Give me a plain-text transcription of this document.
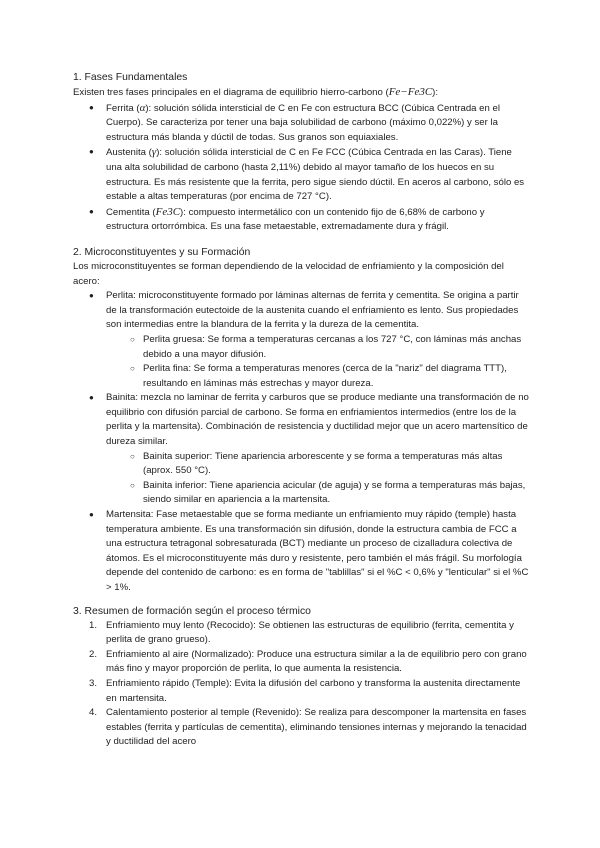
1. Fases Fundamentales

Existen tres fases principales en el diagrama de equilibrio hierro-carbono (Fe−Fe3C):

● Ferrita (α): solución sólida intersticial de C en Fe con estructura BCC (Cúbica Centrada en el Cuerpo). Se caracteriza por tener una baja solubilidad de carbono (máximo 0,022%) y ser la estructura más blanda y dúctil de todas. Sus granos son equiaxiales.
● Austenita (γ): solución sólida intersticial de C en Fe FCC (Cúbica Centrada en las Caras). Tiene una alta solubilidad de carbono (hasta 2,11%) debido al mayor tamaño de los huecos en su estructura. Es más resistente que la ferrita, pero sigue siendo dúctil. En aceros al carbono, sólo es estable a altas temperaturas (por encima de 727 °C).
● Cementita (Fe3C): compuesto intermetálico con un contenido fijo de 6,68% de carbono y estructura ortorrómbica. Es una fase metaestable, extremadamente dura y frágil.
2. Microconstituyentes y su Formación

Los microconstituyentes se forman dependiendo de la velocidad de enfriamiento y la composición del acero:

● Perlita: microconstituyente formado por láminas alternas de ferrita y cementita. Se origina a partir de la transformación eutectoide de la austenita cuando el enfriamiento es lento. Sus propiedades son intermedias entre la blandura de la ferrita y la dureza de la cementita.
○ Perlita gruesa: Se forma a temperaturas cercanas a los 727 °C, con láminas más anchas debido a una mayor difusión.
○ Perlita fina: Se forma a temperaturas menores (cerca de la "nariz" del diagrama TTT), resultando en láminas más estrechas y mayor dureza.
● Bainita: mezcla no laminar de ferrita y carburos que se produce mediante una transformación de no equilibrio con difusión parcial de carbono. Se forma en enfriamientos intermedios (entre los de la perlita y la martensita). Combinación de resistencia y ductilidad mejor que un acero martensítico de dureza similar.
○ Bainita superior: Tiene apariencia arborescente y se forma a temperaturas más altas (aprox. 550 °C).
○ Bainita inferior: Tiene apariencia acicular (de aguja) y se forma a temperaturas más bajas, siendo similar en apariencia a la martensita.
● Martensita: Fase metaestable que se forma mediante un enfriamiento muy rápido (temple) hasta temperatura ambiente. Es una transformación sin difusión, donde la estructura cambia de FCC a una estructura tetragonal sobresaturada (BCT) mediante un proceso de cizalladura colectiva de átomos. Es el microconstituyente más duro y resistente, pero también el más frágil. Su morfología depende del contenido de carbono: es en forma de "tablillas" si el %C < 0,6% y "lenticular" si el %C > 1%.
3. Resumen de formación según el proceso térmico
1. Enfriamiento muy lento (Recocido): Se obtienen las estructuras de equilibrio (ferrita, cementita y perlita de grano grueso).
2. Enfriamiento al aire (Normalizado): Produce una estructura similar a la de equilibrio pero con grano más fino y mayor proporción de perlita, lo que aumenta la resistencia.
3. Enfriamiento rápido (Temple): Evita la difusión del carbono y transforma la austenita directamente en martensita.
4. Calentamiento posterior al temple (Revenido): Se realiza para descomponer la martensita en fases estables (ferrita y partículas de cementita), eliminando tensiones internas y mejorando la tenacidad y ductilidad del acero
